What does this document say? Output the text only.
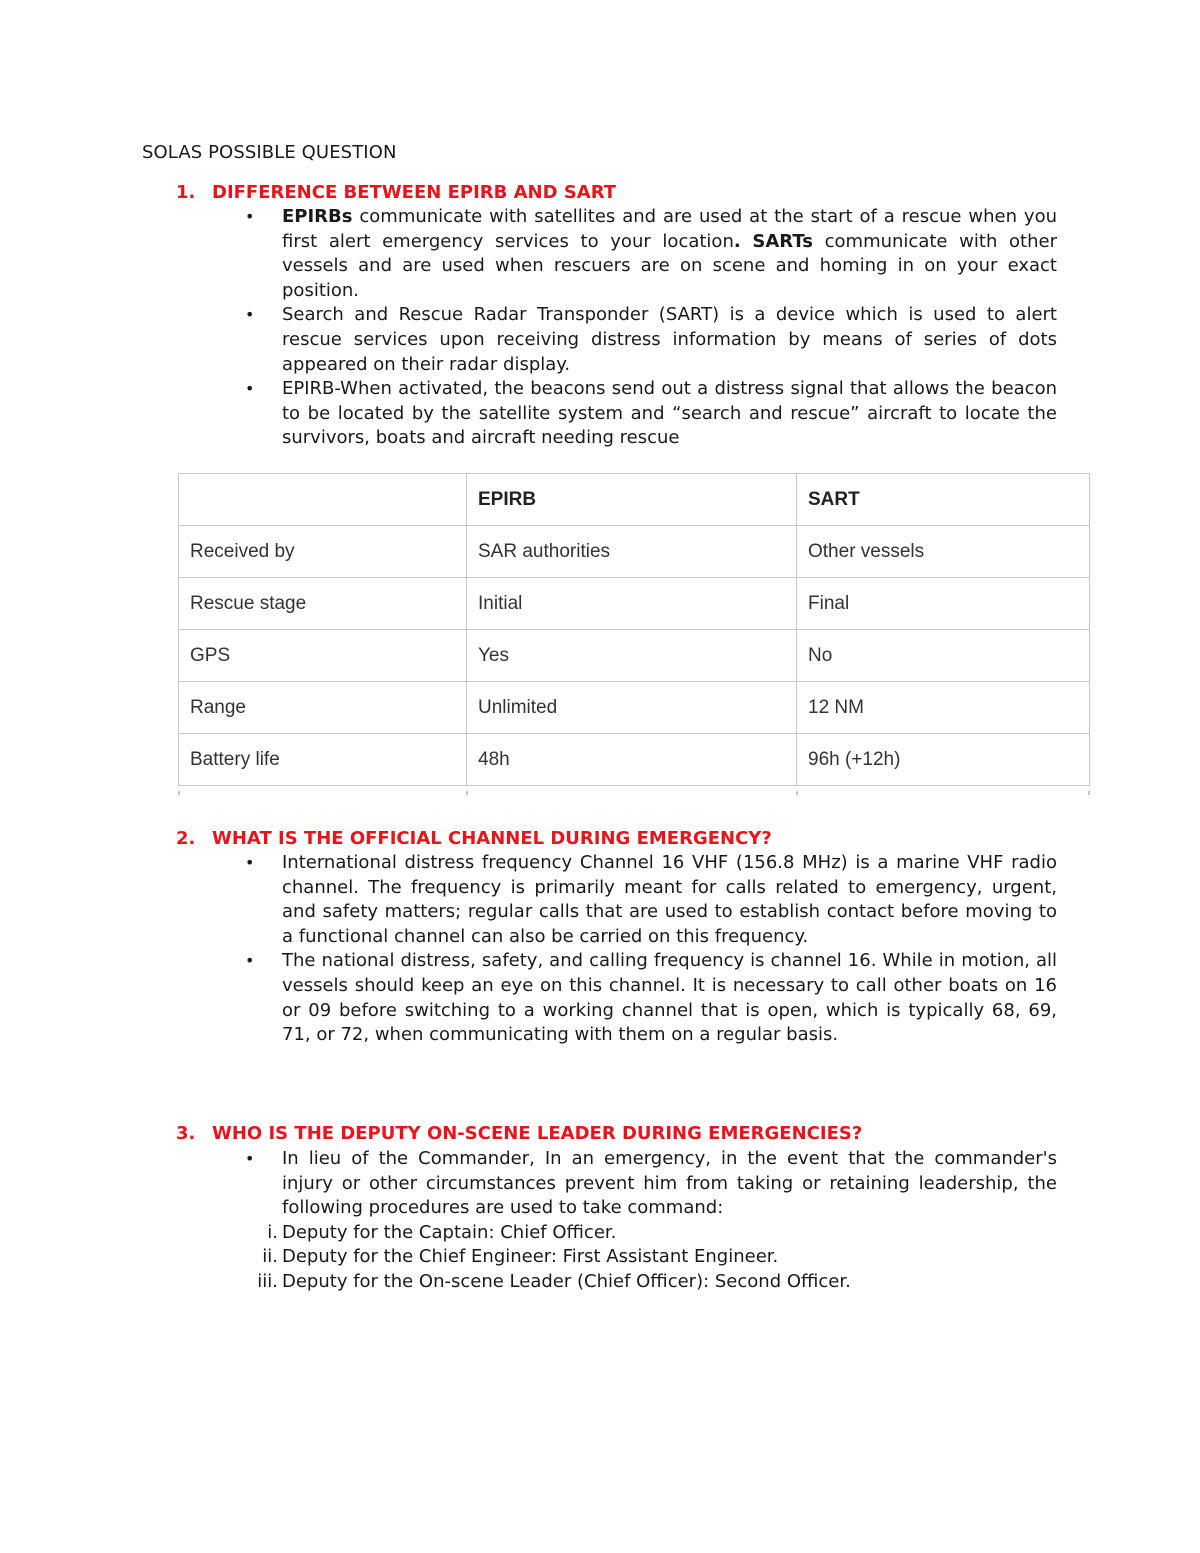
SOLAS POSSIBLE QUESTION
1. DIFFERENCE BETWEEN EPIRB AND SART
• EPIRBs communicate with satellites and are used at the start of a rescue when you first alert emergency services to your location. SARTs communicate with other vessels and are used when rescuers are on scene and homing in on your exact position.
• Search and Rescue Radar Transponder (SART) is a device which is used to alert rescue services upon receiving distress information by means of series of dots appeared on their radar display.
• EPIRB-When activated, the beacons send out a distress signal that allows the beacon to be located by the satellite system and “search and rescue” aircraft to locate the survivors, boats and aircraft needing rescue
	EPIRB	SART
Received by	SAR authorities	Other vessels
Rescue stage	Initial	Final
GPS	Yes	No
Range	Unlimited	12 NM
Battery life	48h	96h (+12h)
2. WHAT IS THE OFFICIAL CHANNEL DURING EMERGENCY?
• International distress frequency Channel 16 VHF (156.8 MHz) is a marine VHF radio channel. The frequency is primarily meant for calls related to emergency, urgent, and safety matters; regular calls that are used to establish contact before moving to a functional channel can also be carried on this frequency.
• The national distress, safety, and calling frequency is channel 16. While in motion, all vessels should keep an eye on this channel. It is necessary to call other boats on 16 or 09 before switching to a working channel that is open, which is typically 68, 69, 71, or 72, when communicating with them on a regular basis.
3. WHO IS THE DEPUTY ON-SCENE LEADER DURING EMERGENCIES?
• In lieu of the Commander, In an emergency, in the event that the commander's injury or other circumstances prevent him from taking or retaining leadership, the following procedures are used to take command:
i. Deputy for the Captain: Chief Officer.
ii. Deputy for the Chief Engineer: First Assistant Engineer.
iii. Deputy for the On-scene Leader (Chief Officer): Second Officer.
